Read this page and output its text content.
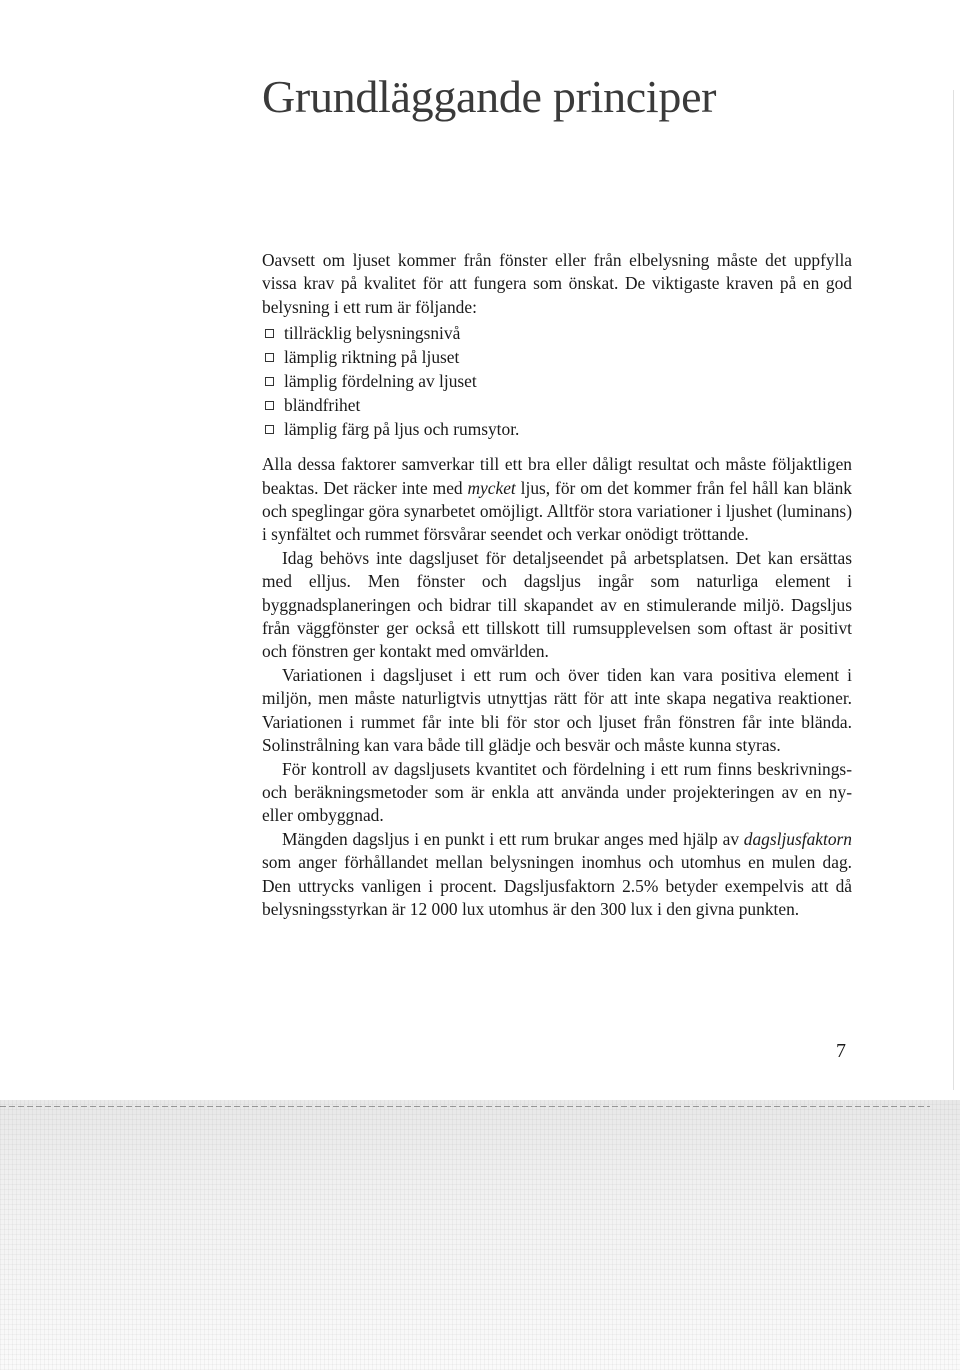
Grundläggande principer

Oavsett om ljuset kommer från fönster eller från elbelysning måste det uppfylla vissa krav på kvalitet för att fungera som önskat. De viktigaste kraven på en god belysning i ett rum är följande:

tillräcklig belysningsnivå
lämplig riktning på ljuset
lämplig fördelning av ljuset
bländfrihet
lämplig färg på ljus och rumsytor.

Alla dessa faktorer samverkar till ett bra eller dåligt resultat och måste följaktligen beaktas. Det räcker inte med mycket ljus, för om det kommer från fel håll kan blänk och speglingar göra synarbetet omöjligt. Alltför stora variationer i ljushet (luminans) i synfältet och rummet försvårar seendet och verkar onödigt tröttande.

Idag behövs inte dagsljuset för detaljseendet på arbetsplatsen. Det kan ersättas med elljus. Men fönster och dagsljus ingår som naturliga element i byggnadsplaneringen och bidrar till skapandet av en stimulerande miljö. Dagsljus från väggfönster ger också ett tillskott till rumsupplevelsen som oftast är positivt och fönstren ger kontakt med omvärlden.

Variationen i dagsljuset i ett rum och över tiden kan vara positiva element i miljön, men måste naturligtvis utnyttjas rätt för att inte skapa negativa reaktioner. Variationen i rummet får inte bli för stor och ljuset från fönstren får inte blända. Solinstrålning kan vara både till glädje och besvär och måste kunna styras.

För kontroll av dagsljusets kvantitet och fördelning i ett rum finns beskrivnings- och beräkningsmetoder som är enkla att använda under projekteringen av en ny- eller ombyggnad.

Mängden dagsljus i en punkt i ett rum brukar anges med hjälp av dagsljusfaktorn som anger förhållandet mellan belysningen inomhus och utomhus en mulen dag. Den uttrycks vanligen i procent. Dagsljusfaktorn 2.5% betyder exempelvis att då belysningsstyrkan är 12 000 lux utomhus är den 300 lux i den givna punkten.

7
